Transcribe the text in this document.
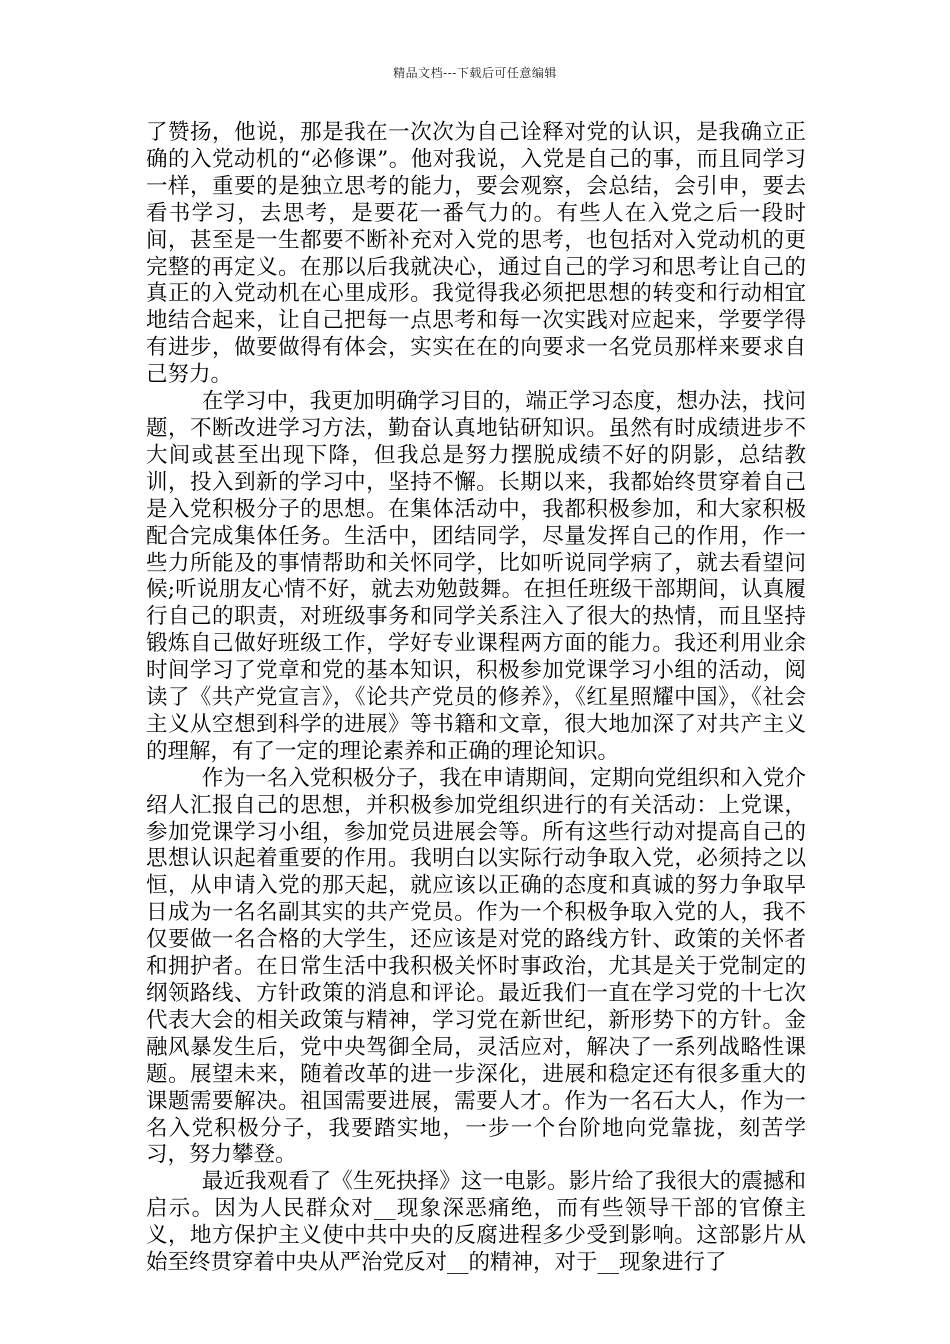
精品文档---下载后可任意编辑

了赞扬，他说，那是我在一次次为自己诠释对党的认识，是我确立正确的入党动机的“必修课”。他对我说，入党是自己的事，而且同学习一样，重要的是独立思考的能力，要会观察，会总结，会引申，要去看书学习，去思考，是要花一番气力的。有些人在入党之后一段时间，甚至是一生都要不断补充对入党的思考，也包括对入党动机的更完整的再定义。在那以后我就决心，通过自己的学习和思考让自己的真正的入党动机在心里成形。我觉得我必须把思想的转变和行动相宜地结合起来，让自己把每一点思考和每一次实践对应起来，学要学得有进步，做要做得有体会，实实在在的向要求一名党员那样来要求自己努力。

在学习中，我更加明确学习目的，端正学习态度，想办法，找问题，不断改进学习方法，勤奋认真地钻研知识。虽然有时成绩进步不大间或甚至出现下降，但我总是努力摆脱成绩不好的阴影，总结教训，投入到新的学习中，坚持不懈。长期以来，我都始终贯穿着自己是入党积极分子的思想。在集体活动中，我都积极参加，和大家积极配合完成集体任务。生活中，团结同学，尽量发挥自己的作用，作一些力所能及的事情帮助和关怀同学，比如听说同学病了，就去看望问候;听说朋友心情不好，就去劝勉鼓舞。在担任班级干部期间，认真履行自己的职责，对班级事务和同学关系注入了很大的热情，而且坚持锻炼自己做好班级工作，学好专业课程两方面的能力。我还利用业余时间学习了党章和党的基本知识，积极参加党课学习小组的活动，阅读了《共产党宣言》，《论共产党员的修养》，《红星照耀中国》，《社会主义从空想到科学的进展》等书籍和文章，很大地加深了对共产主义的理解，有了一定的理论素养和正确的理论知识。

作为一名入党积极分子，我在申请期间，定期向党组织和入党介绍人汇报自己的思想，并积极参加党组织进行的有关活动：上党课，参加党课学习小组，参加党员进展会等。所有这些行动对提高自己的思想认识起着重要的作用。我明白以实际行动争取入党，必须持之以恒，从申请入党的那天起，就应该以正确的态度和真诚的努力争取早日成为一名名副其实的共产党员。作为一个积极争取入党的人，我不仅要做一名合格的大学生，还应该是对党的路线方针、政策的关怀者和拥护者。在日常生活中我积极关怀时事政治，尤其是关于党制定的纲领路线、方针政策的消息和评论。最近我们一直在学习党的十七次代表大会的相关政策与精神，学习党在新世纪，新形势下的方针。金融风暴发生后，党中央驾御全局，灵活应对，解决了一系列战略性课题。展望未来，随着改革的进一步深化，进展和稳定还有很多重大的课题需要解决。祖国需要进展，需要人才。作为一名石大人，作为一名入党积极分子，我要踏实地，一步一个台阶地向党靠拢，刻苦学习，努力攀登。

最近我观看了《生死抉择》这一电影。影片给了我很大的震撼和启示。因为人民群众对__现象深恶痛绝，而有些领导干部的官僚主义，地方保护主义使中共中央的反腐进程多少受到影响。这部影片从始至终贯穿着中央从严治党反对__的精神，对于__现象进行了
